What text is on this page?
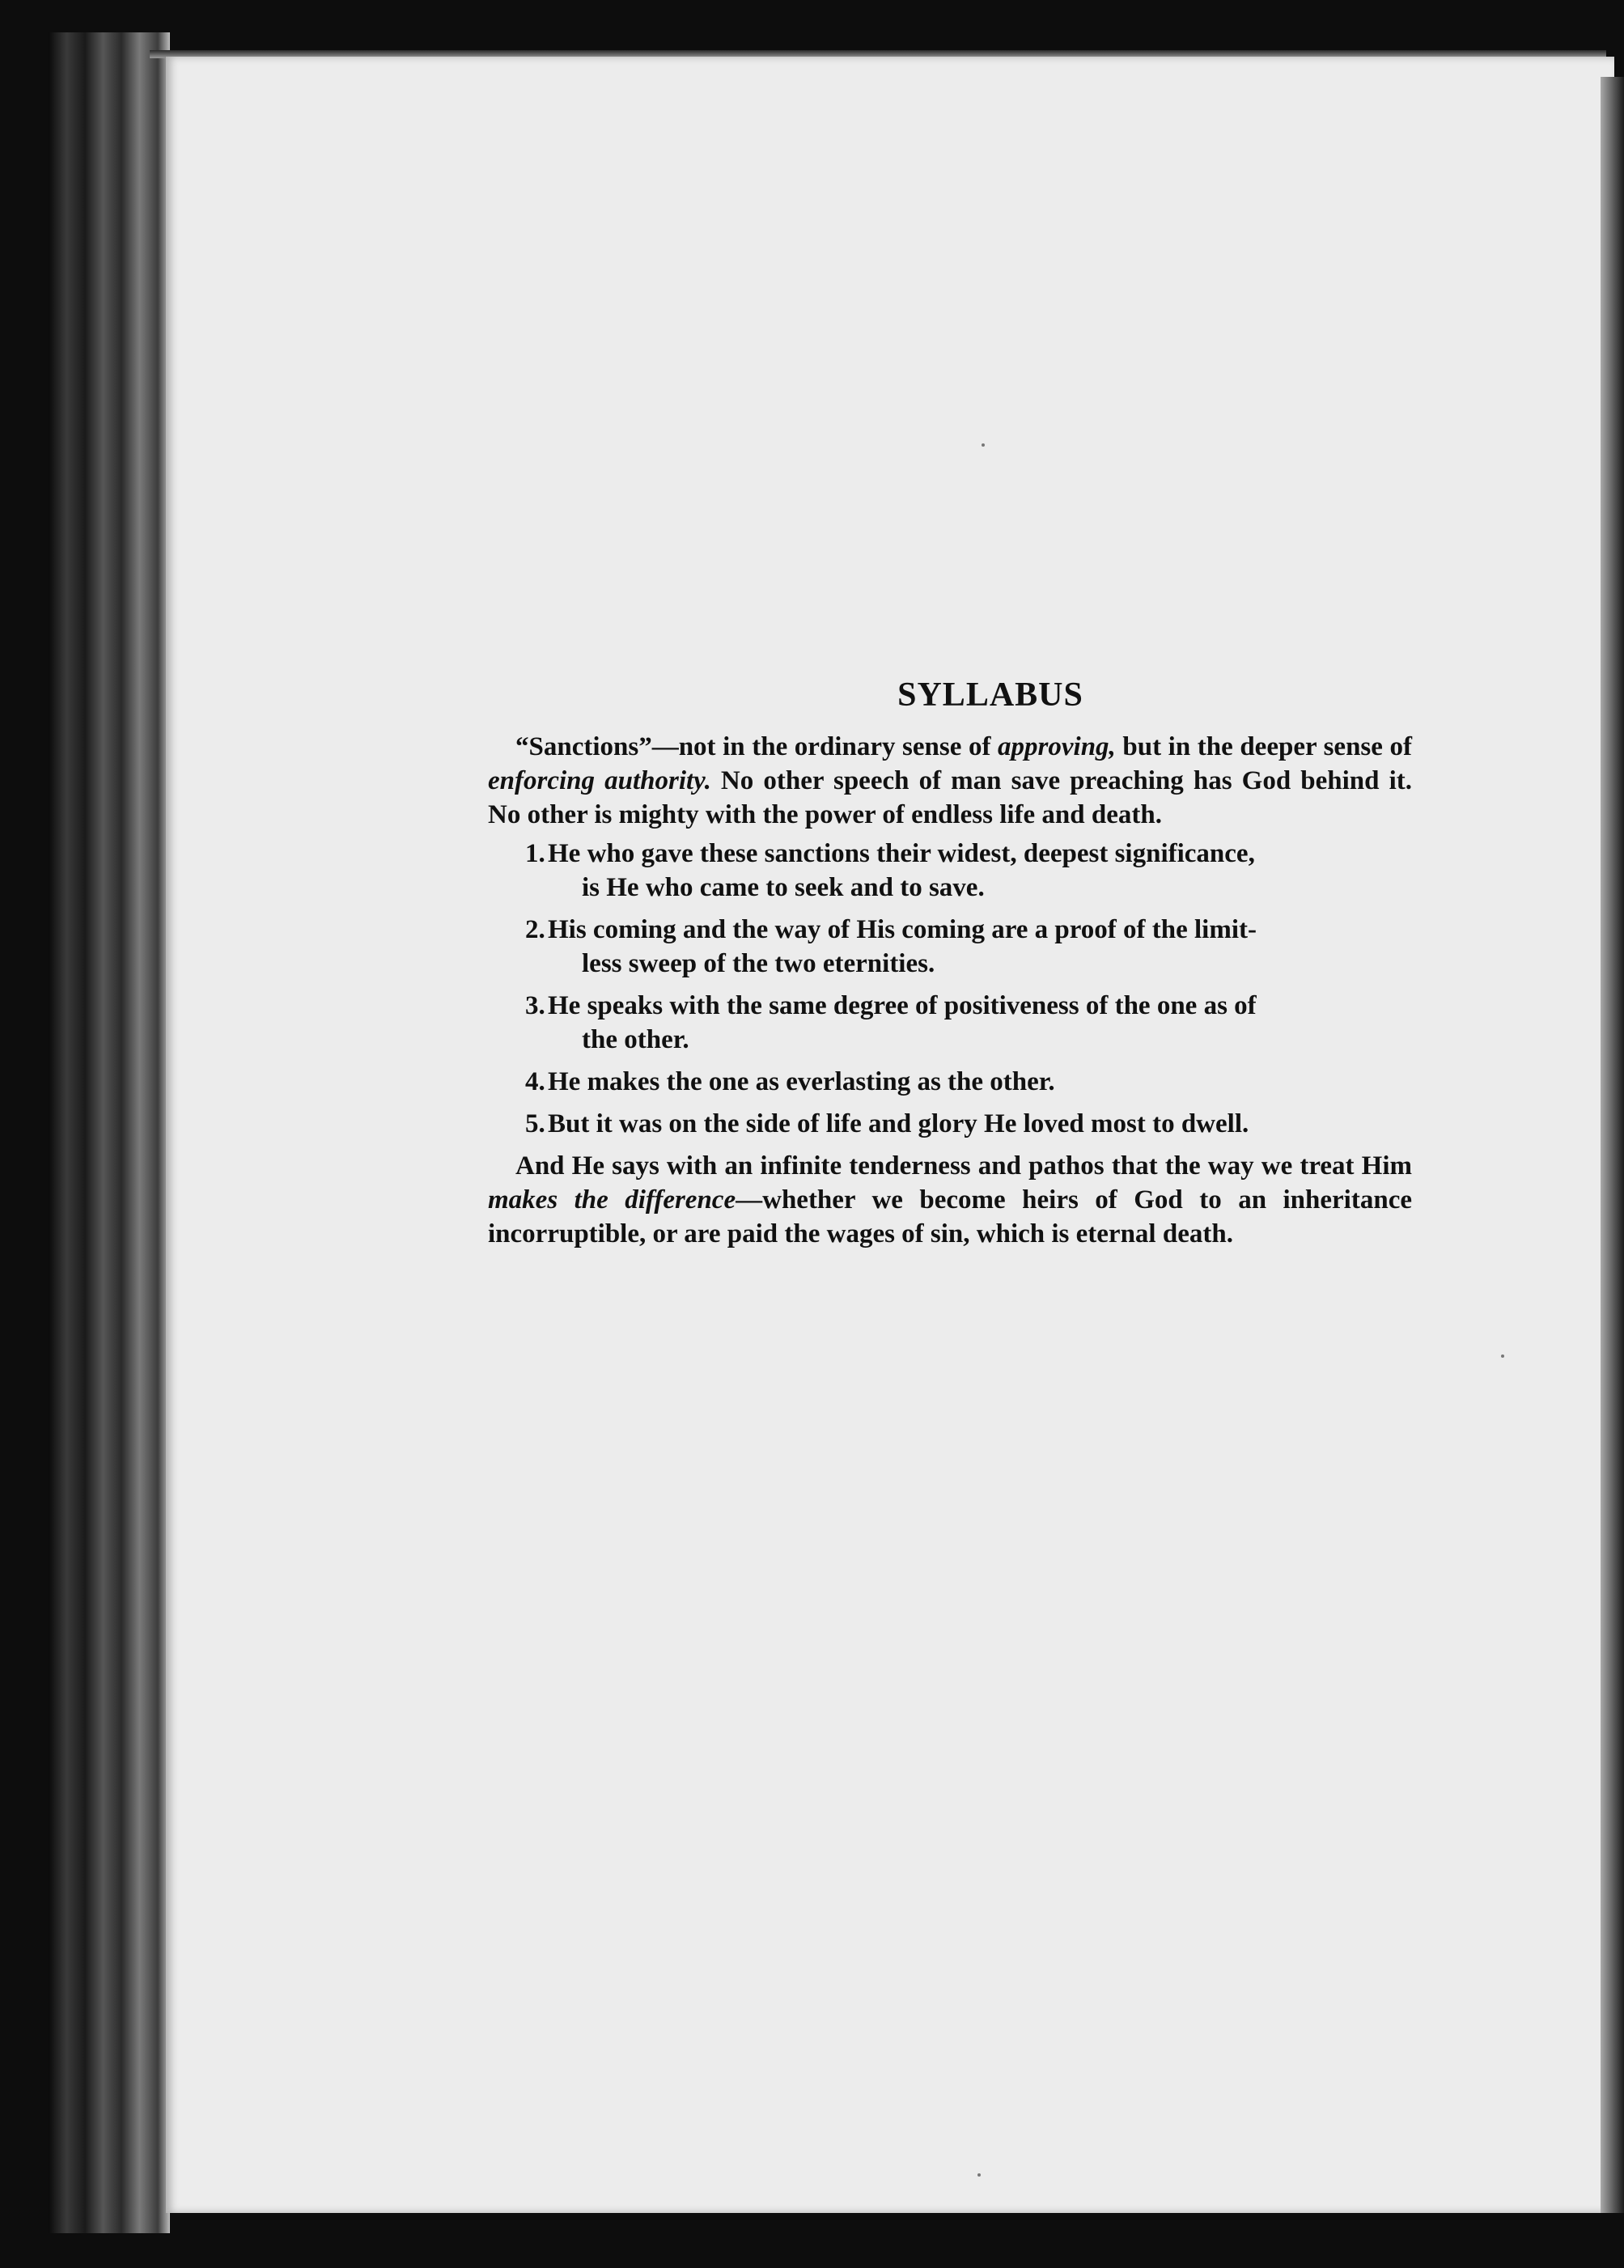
SYLLABUS

“Sanctions”—not in the ordinary sense of approving, but in the deeper sense of enforcing authority. No other speech of man save preaching has God behind it. No other is mighty with the power of endless life and death.

1. He who gave these sanctions their widest, deepest significance,
is He who came to seek and to save.
2. His coming and the way of His coming are a proof of the limit-
less sweep of the two eternities.
3. He speaks with the same degree of positiveness of the one as of
the other.
4. He makes the one as everlasting as the other.
5. But it was on the side of life and glory He loved most to dwell.

And He says with an infinite tenderness and pathos that the way we treat Him makes the difference—whether we become heirs of God to an inheritance incorruptible, or are paid the wages of sin, which is eternal death.
